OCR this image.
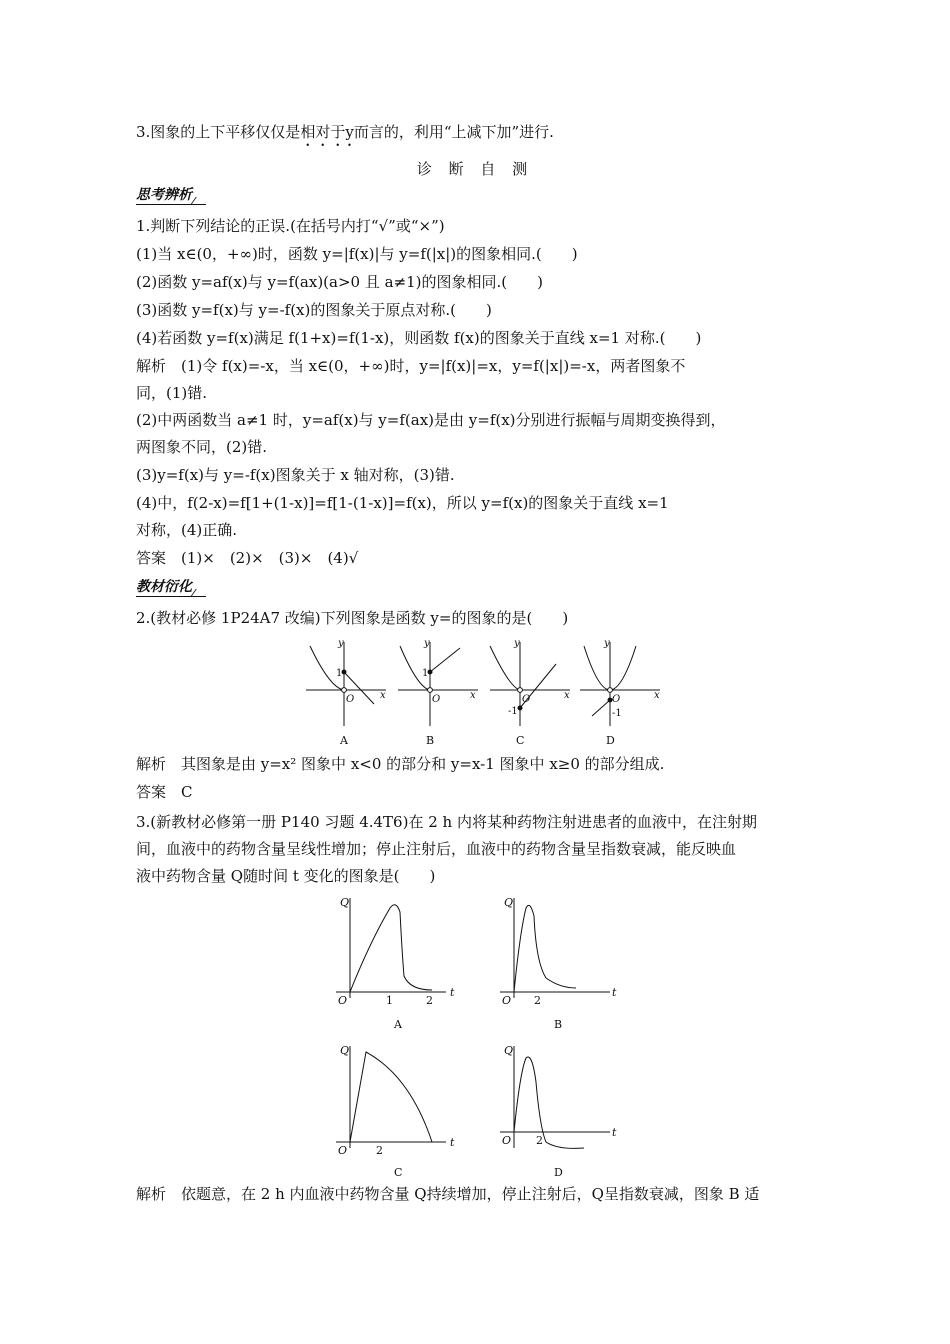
3.图象的上下平移仅仅是相对于y而言的，利用“上减下加”进行.
诊 断 自 测
思考辨析
1.判断下列结论的正误.(在括号内打“√”或“×”)
(1)当 x∈(0，+∞)时，函数 y=|f(x)|与 y=f(|x|)的图象相同.(　　)
(2)函数 y=af(x)与 y=f(ax)(a>0 且 a≠1)的图象相同.(　　)
(3)函数 y=f(x)与 y=-f(x)的图象关于原点对称.(　　)
(4)若函数 y=f(x)满足 f(1+x)=f(1-x)，则函数 f(x)的图象关于直线 x=1 对称.(　　)
解析　(1)令 f(x)=-x，当 x∈(0，+∞)时，y=|f(x)|=x，y=f(|x|)=-x，两者图象不
同，(1)错.
(2)中两函数当 a≠1 时，y=af(x)与 y=f(ax)是由 y=f(x)分别进行振幅与周期变换得到，
两图象不同，(2)错.
(3)y=f(x)与 y=-f(x)图象关于 x 轴对称，(3)错.
(4)中，f(2-x)=f[1+(1-x)]=f[1-(1-x)]=f(x)，所以 y=f(x)的图象关于直线 x=1
对称，(4)正确.
答案　(1)×　(2)×　(3)×　(4)√
教材衍化
2.(教材必修 1P24A7 改编)下列图象是函数 y=的图象的是(　　)
y
x
1
O
y
x
1
O
y
x
-1
O
y
x
-1
O
A	B	C	D
解析　其图象是由 y=x² 图象中 x<0 的部分和 y=x-1 图象中 x≥0 的部分组成.
答案　C
3.(新教材必修第一册 P140 习题 4.4T6)在 2 h 内将某种药物注射进患者的血液中，在注射期
间，血液中的药物含量呈线性增加；停止注射后，血液中的药物含量呈指数衰减，能反映血
液中药物含量 Q随时间 t 变化的图象是(　　)
Q
O	1	2
t
Q
O 2
t
Q
O	2
t
Q
O 2
t
A	B
C	D
解析　依题意，在 2 h 内血液中药物含量 Q持续增加，停止注射后，Q呈指数衰减，图象 B 适
